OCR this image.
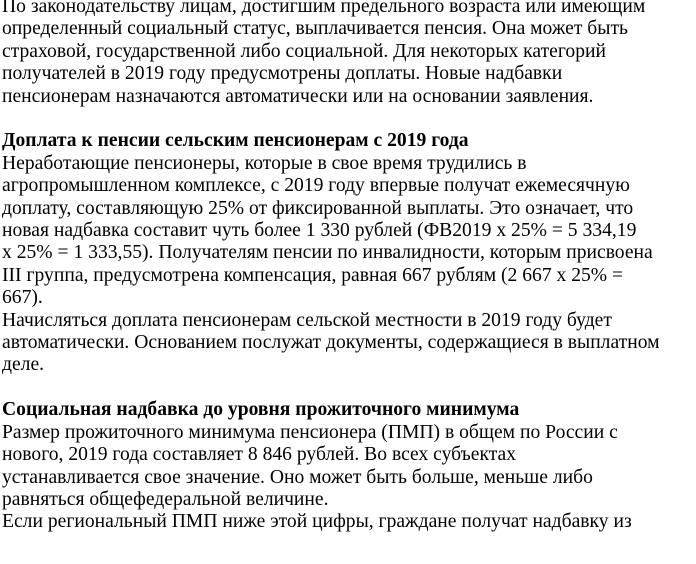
По законодательству лицам, достигшим предельного возраста или имеющим
определенный социальный статус, выплачивается пенсия. Она может быть
страховой, государственной либо социальной. Для некоторых категорий
получателей в 2019 году предусмотрены доплаты. Новые надбавки
пенсионерам назначаются автоматически или на основании заявления.

Доплата к пенсии сельским пенсионерам с 2019 года

Неработающие пенсионеры, которые в свое время трудились в
агропромышленном комплексе, с 2019 году впервые получат ежемесячную
доплату, составляющую 25% от фиксированной выплаты. Это означает, что
новая надбавка составит чуть более 1 330 рублей (ФВ2019 х 25% = 5 334,19
х 25% = 1 333,55). Получателям пенсии по инвалидности, которым присвоена
III группа, предусмотрена компенсация, равная 667 рублям (2 667 х 25% =
667).

Начисляться доплата пенсионерам сельской местности в 2019 году будет
автоматически. Основанием послужат документы, содержащиеся в выплатном
деле.

Социальная надбавка до уровня прожиточного минимума

Размер прожиточного минимума пенсионера (ПМП) в общем по России с
нового, 2019 года составляет 8 846 рублей. Во всех субъектах
устанавливается свое значение. Оно может быть больше, меньше либо
равняться общефедеральной величине.

Если региональный ПМП ниже этой цифры, граждане получат надбавку из
